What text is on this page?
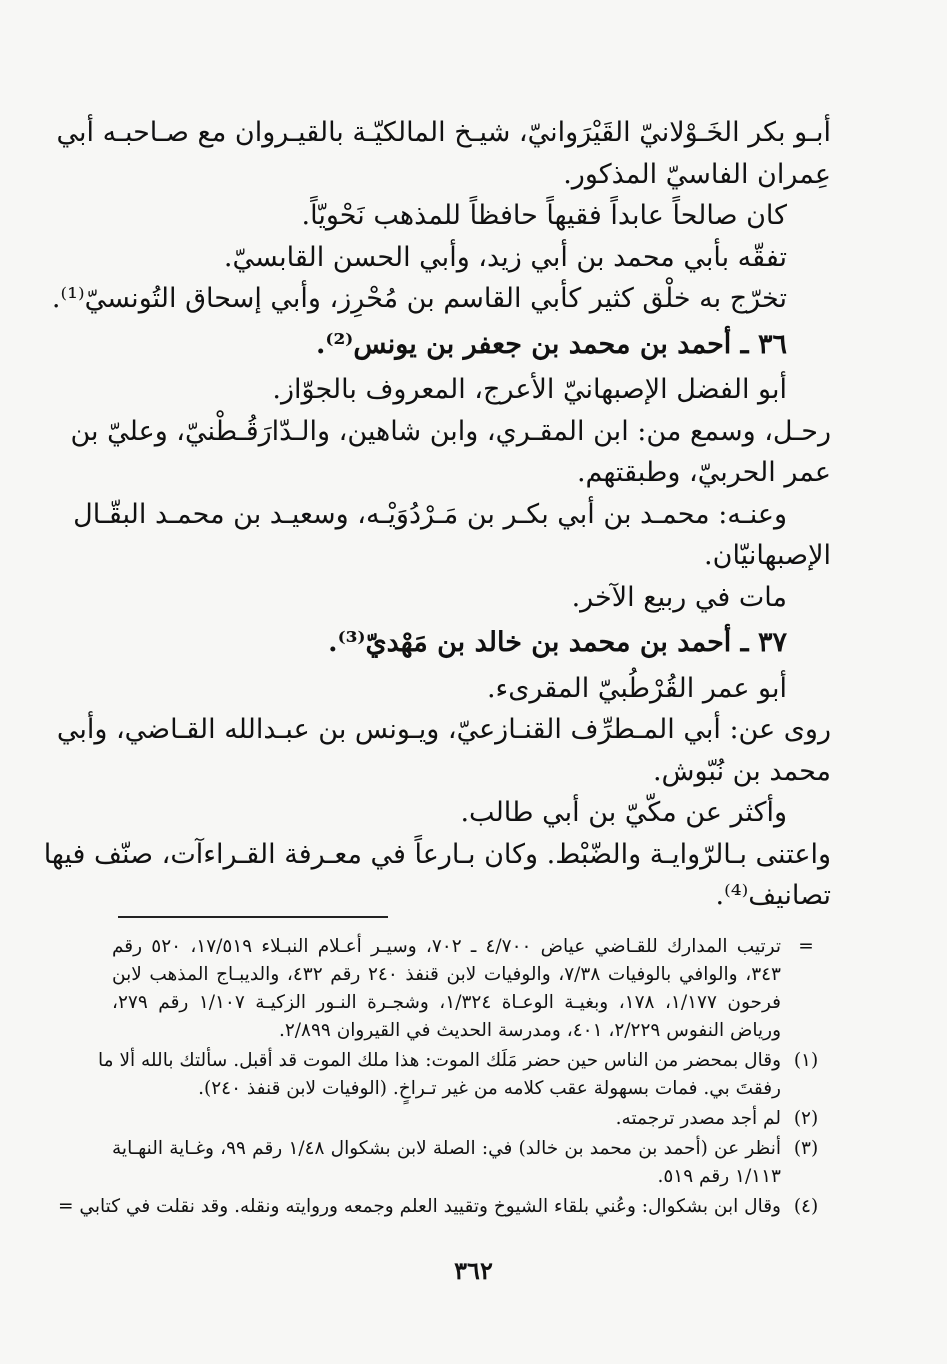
أبـو بكر الخَـوْلانيّ القَيْرَوانيّ، شيـخ المالكيّـة بالقيـروان مع صـاحبـه أبي
عِمران الفاسيّ المذكور.
كان صالحاً عابداً فقيهاً حافظاً للمذهب نَحْويّاً.
تفقّه بأبي محمد بن أبي زيد، وأبي الحسن القابسيّ.
تخرّج به خلْق كثير كأبي القاسم بن مُحْرِز، وأبي إسحاق التُونسيّ⁽¹⁾.
٣٦ ـ أحمد بن محمد بن جعفر بن يونس⁽²⁾.
أبو الفضل الإصبهانيّ الأعرج، المعروف بالجوّاز.
رحـل، وسمع من: ابن المقـري، وابن شاهين، والـدّارَقُـطْنيّ، وعليّ بن
عمر الحربيّ، وطبقتهم.
وعنـه: محمـد بن أبي بكـر بن مَـرْدُوَيْـه، وسعيـد بن محمـد البقّـال
الإصبهانيّان.
مات في ربيع الآخر.
٣٧ ـ أحمد بن محمد بن خالد بن مَهْديّ⁽³⁾.
أبو عمر القُرْطُبيّ المقرىء.
روى عن: أبي المـطرِّف القنـازعيّ، ويـونس بن عبـدالله القـاضي، وأبي
محمد بن نُبّوش.
وأكثر عن مكّيّ بن أبي طالب.
واعتنى بـالرّوايـة والضّبْط. وكان بـارعاً في معـرفة القـراءآت، صنّف فيها
تصانيف⁽⁴⁾.
=
ترتيب المدارك للقـاضي عياض ٤/٧٠٠ ـ ٧٠٢، وسيـر أعـلام النبـلاء ١٧/٥١٩، ٥٢٠ رقم
٣٤٣، والوافي بالوفيات ٧/٣٨، والوفيات لابن قنفذ ٢٤٠ رقم ٤٣٢، والديبـاج المذهب لابن
فرحون ١/١٧٧، ١٧٨، وبغيـة الوعـاة ١/٣٢٤، وشجـرة النـور الزكيـة ١/١٠٧ رقم ٢٧٩،
ورياض النفوس ٢/٢٢٩، ٤٠١، ومدرسة الحديث في القيروان ٢/٨٩٩.
(١)
وقال بمحضر من الناس حين حضر مَلَك الموت: هذا ملك الموت قد أقبل. سألتك بالله ألا ما
رفقتَ بي. فمات بسهولة عقب كلامه من غير تـراخٍ. (الوفيات لابن قنفذ ٢٤٠).
(٢)
لم أجد مصدر ترجمته.
(٣)
أنظر عن (أحمد بن محمد بن خالد) في: الصلة لابن بشكوال ١/٤٨ رقم ٩٩، وغـاية النهـاية
١/١١٣ رقم ٥١٩.
(٤)
وقال ابن بشكوال: وعُني بلقاء الشيوخ وتقييد العلم وجمعه وروايته ونقله. وقد نقلت في كتابي =
٣٦٢
